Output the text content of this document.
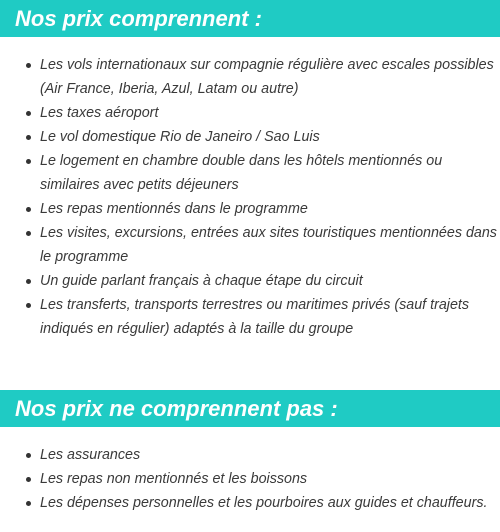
Nos prix comprennent :
Les vols internationaux sur compagnie régulière avec escales possibles (Air France, Iberia, Azul, Latam ou autre)
Les taxes aéroport
Le vol domestique Rio de Janeiro / Sao Luis
Le logement en chambre double dans les hôtels mentionnés ou similaires avec petits déjeuners
Les repas mentionnés dans le programme
Les visites, excursions, entrées aux sites touristiques mentionnées dans le programme
Un guide parlant français à chaque étape du circuit
Les transferts, transports terrestres ou maritimes privés (sauf trajets indiqués en régulier) adaptés à la taille du groupe
Nos prix ne comprennent pas :
Les assurances
Les repas non mentionnés et les boissons
Les dépenses personnelles et les pourboires aux guides et chauffeurs.
